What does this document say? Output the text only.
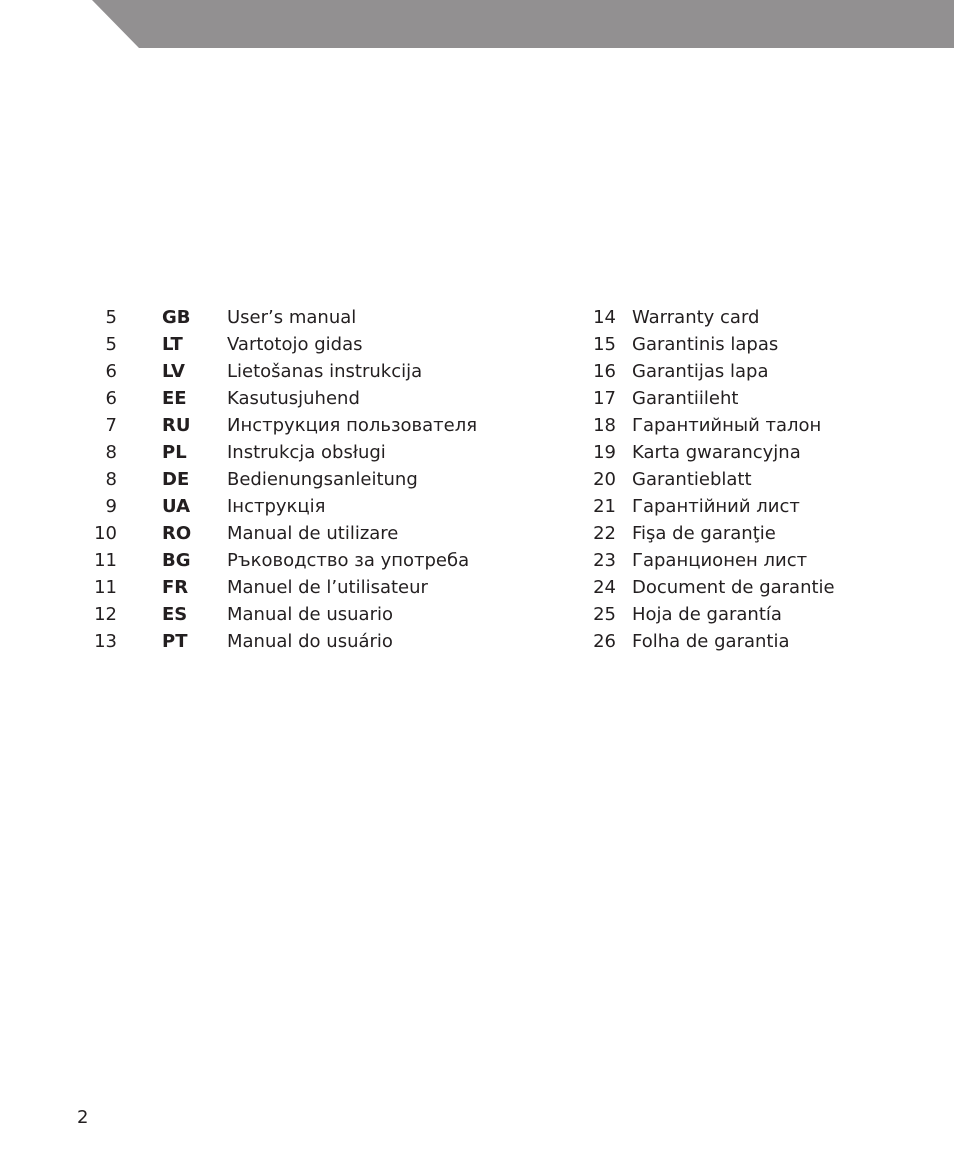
5	GB User’s manual
5	LT Vartotojo gidas
6	LV Lietošanas instrukcija
6	EE Kasutusjuhend
7	RU Инструкция пользователя
8	PL Instrukcja obsługi
8	DE Bedienungsanleitung
9	UA Інструкція
10	RO Manual de utilizare
11	BG Ръководство за употреба
11	FR Manuel de l’utilisateur
12	ES Manual de usuario
13	PT Manual do usuário
14 Warranty card
15 Garantinis lapas
16 Garantijas lapa
17 Garantiileht
18 Гарантийный талон
19 Karta gwarancyjna
20 Garantieblatt
21 Гарантійний лист
22 Fişa de garanţie
23 Гаранционен лист
24 Document de garantie
25 Hoja de garantía
26 Folha de garantia
2
